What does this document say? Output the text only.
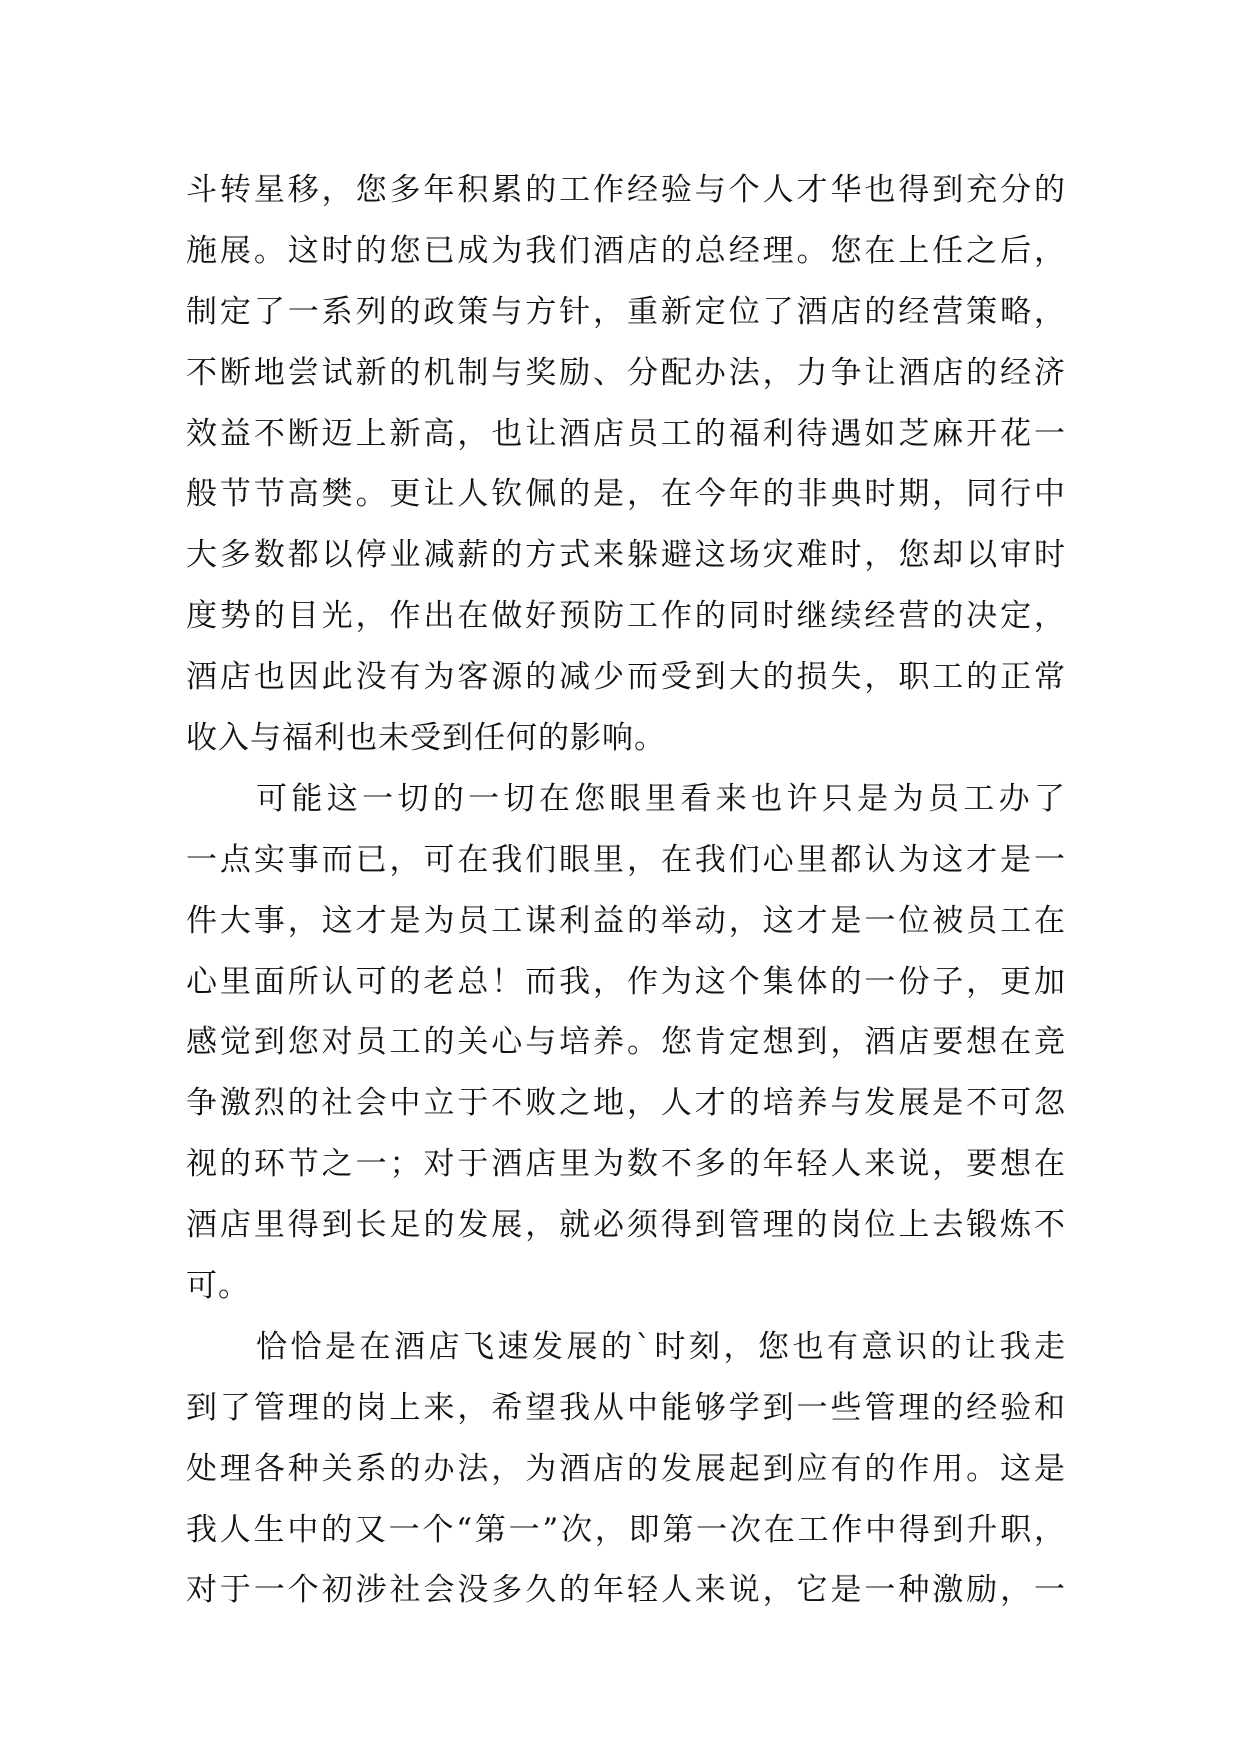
斗转星移，您多年积累的工作经验与个人才华也得到充分的
施展。这时的您已成为我们酒店的总经理。您在上任之后，
制定了一系列的政策与方针，重新定位了酒店的经营策略，
不断地尝试新的机制与奖励、分配办法，力争让酒店的经济
效益不断迈上新高，也让酒店员工的福利待遇如芝麻开花一
般节节高樊。更让人钦佩的是，在今年的非典时期，同行中
大多数都以停业减薪的方式来躲避这场灾难时，您却以审时
度势的目光，作出在做好预防工作的同时继续经营的决定，
酒店也因此没有为客源的减少而受到大的损失，职工的正常
收入与福利也未受到任何的影响。
可能这一切的一切在您眼里看来也许只是为员工办了
一点实事而已，可在我们眼里，在我们心里都认为这才是一
件大事，这才是为员工谋利益的举动，这才是一位被员工在
心里面所认可的老总！而我，作为这个集体的一份子，更加
感觉到您对员工的关心与培养。您肯定想到，酒店要想在竞
争激烈的社会中立于不败之地，人才的培养与发展是不可忽
视的环节之一；对于酒店里为数不多的年轻人来说，要想在
酒店里得到长足的发展，就必须得到管理的岗位上去锻炼不
可。
恰恰是在酒店飞速发展的`时刻，您也有意识的让我走
到了管理的岗上来，希望我从中能够学到一些管理的经验和
处理各种关系的办法，为酒店的发展起到应有的作用。这是
我人生中的又一个“第一”次，即第一次在工作中得到升职，
对于一个初涉社会没多久的年轻人来说，它是一种激励，一
